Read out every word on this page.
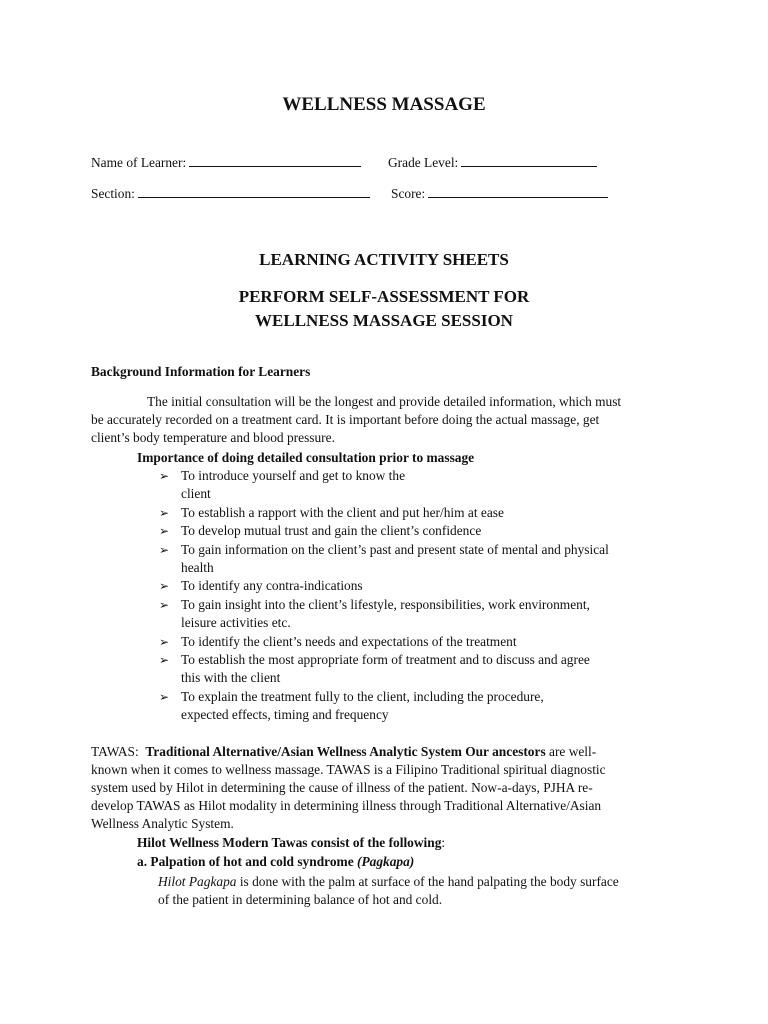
WELLNESS MASSAGE
Name of Learner:	Grade Level:
Section:	Score:
LEARNING ACTIVITY SHEETS
PERFORM SELF-ASSESSMENT FOR
WELLNESS MASSAGE SESSION
Background Information for Learners
The initial consultation will be the longest and provide detailed information, which must
be accurately recorded on a treatment card. It is important before doing the actual massage, get
client’s body temperature and blood pressure.
Importance of doing detailed consultation prior to massage
➢ To introduce yourself and get to know the
client
➢ To establish a rapport with the client and put her/him at ease
➢ To develop mutual trust and gain the client’s confidence
➢ To gain information on the client’s past and present state of mental and physical
health
➢ To identify any contra-indications
➢ To gain insight into the client’s lifestyle, responsibilities, work environment,
leisure activities etc.
➢ To identify the client’s needs and expectations of the treatment
➢ To establish the most appropriate form of treatment and to discuss and agree
this with the client
➢ To explain the treatment fully to the client, including the procedure,
expected effects, timing and frequency
TAWAS: Traditional Alternative/Asian Wellness Analytic System Our ancestors are well-
known when it comes to wellness massage. TAWAS is a Filipino Traditional spiritual diagnostic
system used by Hilot in determining the cause of illness of the patient. Now-a-days, PJHA re-
develop TAWAS as Hilot modality in determining illness through Traditional Alternative/Asian
Wellness Analytic System.
Hilot Wellness Modern Tawas consist of the following:
a. Palpation of hot and cold syndrome (Pagkapa)
Hilot Pagkapa is done with the palm at surface of the hand palpating the body surface
of the patient in determining balance of hot and cold.
